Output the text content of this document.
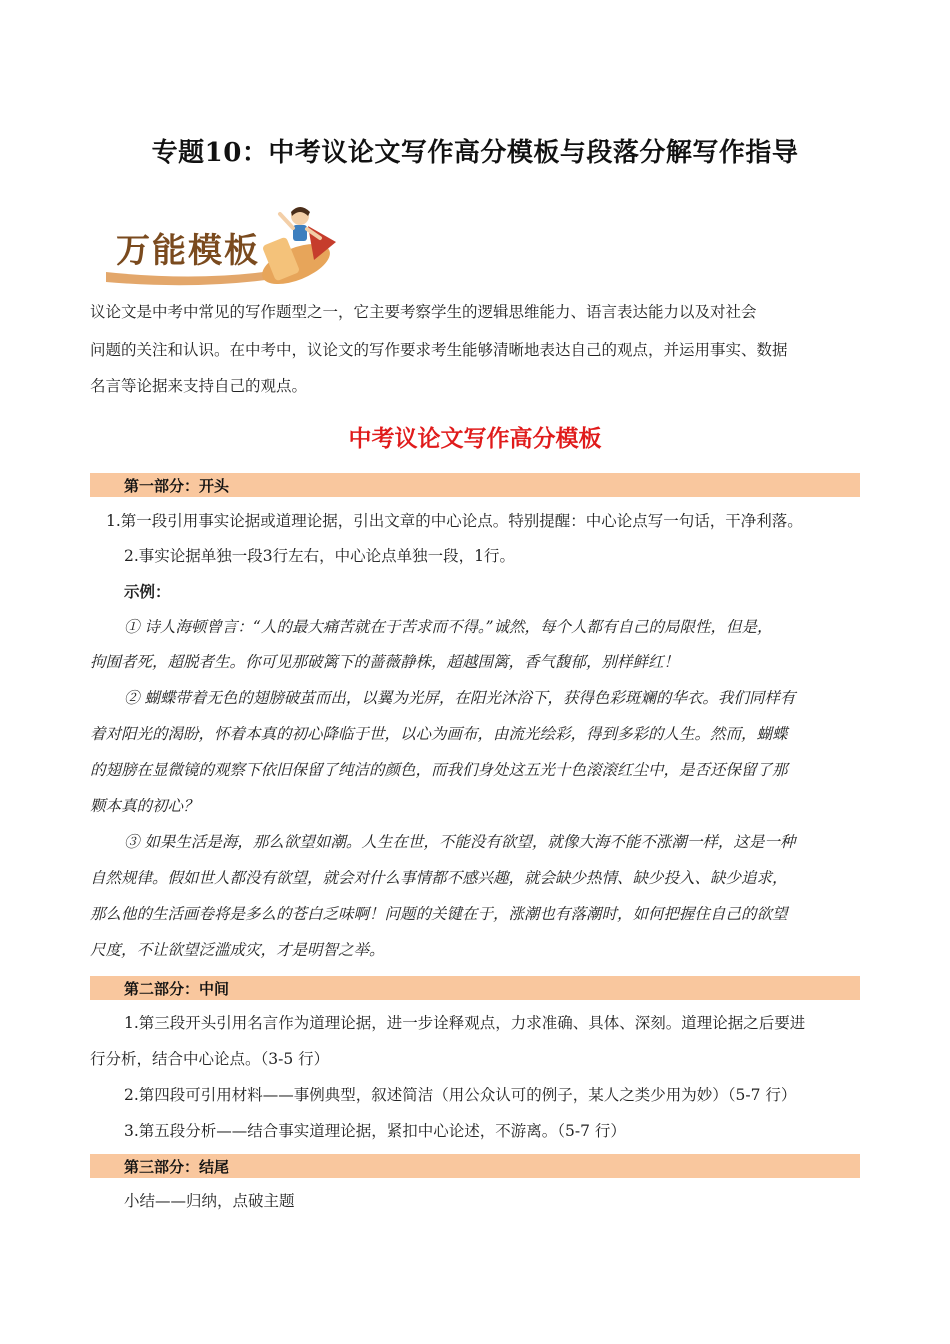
专题10：中考议论文写作高分模板与段落分解写作指导
万能模板
议论文是中考中常见的写作题型之一，它主要考察学生的逻辑思维能力、语言表达能力以及对社会
问题的关注和认识。在中考中，议论文的写作要求考生能够清晰地表达自己的观点，并运用事实、数据
名言等论据来支持自己的观点。
中考议论文写作高分模板
第一部分：开头
1.第一段引用事实论据或道理论据，引出文章的中心论点。特别提醒：中心论点写一句话，干净利落。
2.事实论据单独一段3行左右，中心论点单独一段，1行。
示例：
① 诗人海顿曾言：“人的最大痛苦就在于苦求而不得。”诚然，每个人都有自己的局限性，但是，
拘囿者死，超脱者生。你可见那破篱下的蔷薇静株，超越围篱，香气馥郁，别样鲜红！
② 蝴蝶带着无色的翅膀破茧而出，以翼为光屏，在阳光沐浴下，获得色彩斑斓的华衣。我们同样有
着对阳光的渴盼，怀着本真的初心降临于世，以心为画布，由流光绘彩，得到多彩的人生。然而，蝴蝶
的翅膀在显微镜的观察下依旧保留了纯洁的颜色，而我们身处这五光十色滚滚红尘中，是否还保留了那
颗本真的初心？
③ 如果生活是海，那么欲望如潮。人生在世，不能没有欲望，就像大海不能不涨潮一样，这是一种
自然规律。假如世人都没有欲望，就会对什么事情都不感兴趣，就会缺少热情、缺少投入、缺少追求，
那么他的生活画卷将是多么的苍白乏味啊！问题的关键在于，涨潮也有落潮时，如何把握住自己的欲望
尺度，不让欲望泛滥成灾，才是明智之举。
第二部分：中间
1.第三段开头引用名言作为道理论据，进一步诠释观点，力求准确、具体、深刻。道理论据之后要进
行分析，结合中心论点。（3-5 行）
2.第四段可引用材料——事例典型，叙述简洁（用公众认可的例子，某人之类少用为妙）（5-7 行）
3.第五段分析——结合事实道理论据，紧扣中心论述，不游离。（5-7 行）
第三部分：结尾
小结——归纳，点破主题
